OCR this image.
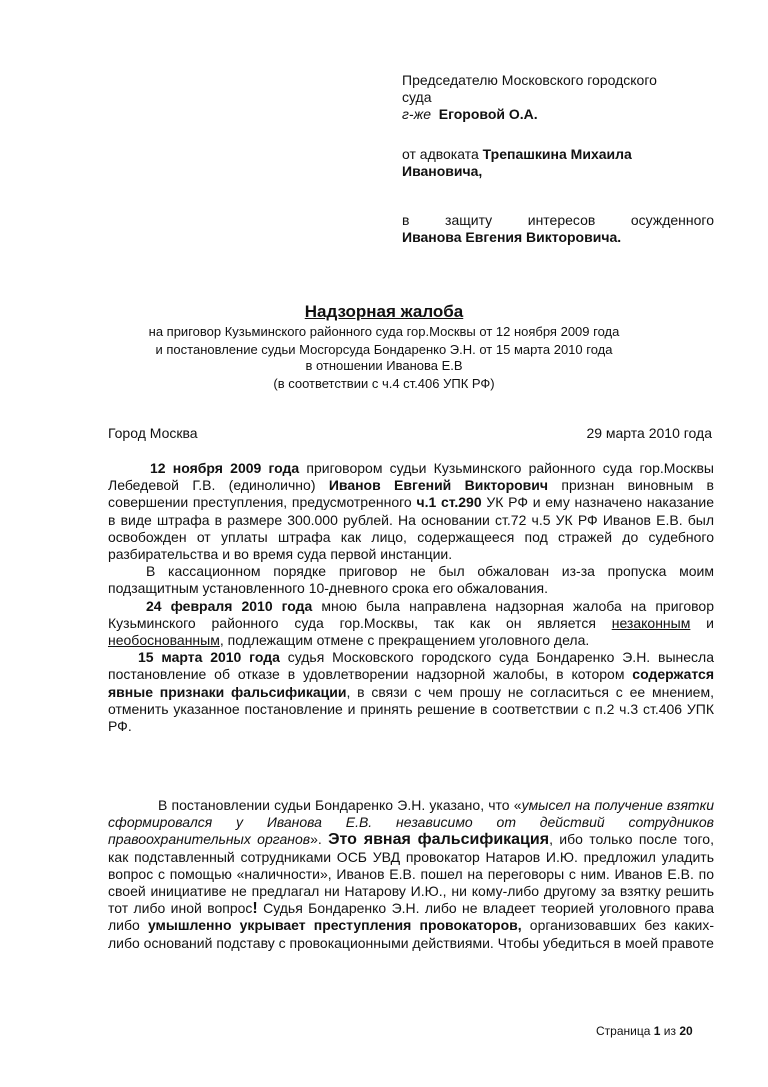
Председателю Московского городского
суда
г-же Егоровой О.А.
от адвоката Трепашкина Михаила
Ивановича,
в	защиту	интересов	осужденного
Иванова Евгения Викторовича.
Надзорная жалоба
на приговор Кузьминского районного суда гор.Москвы от 12 ноября 2009 года
и постановление судьи Мосгорсуда Бондаренко Э.Н. от 15 марта 2010 года
в отношении Иванова Е.В
(в соответствии с ч.4 ст.406 УПК РФ)
Город Москва	29 марта 2010 года

12 ноября 2009 года приговором судьи Кузьминского районного суда гор.Москвы Лебедевой Г.В. (единолично) Иванов Евгений Викторович признан виновным в совершении преступления, предусмотренного ч.1 ст.290 УК РФ и ему назначено наказание в виде штрафа в размере 300.000 рублей. На основании ст.72 ч.5 УК РФ Иванов Е.В. был освобожден от уплаты штрафа как лицо, содержащееся под стражей до судебного разбирательства и во время суда первой инстанции.

В кассационном порядке приговор не был обжалован из-за пропуска моим подзащитным установленного 10-дневного срока его обжалования.

24 февраля 2010 года мною была направлена надзорная жалоба на приговор Кузьминского районного суда гор.Москвы, так как он является незаконным и необоснованным, подлежащим отмене с прекращением уголовного дела.

15 марта 2010 года судья Московского городского суда Бондаренко Э.Н. вынесла постановление об отказе в удовлетворении надзорной жалобы, в котором содержатся явные признаки фальсификации, в связи с чем прошу не согласиться с ее мнением, отменить указанное постановление и принять решение в соответствии с п.2 ч.3 ст.406 УПК РФ.

В постановлении судьи Бондаренко Э.Н. указано, что «умысел на получение взятки сформировался у Иванова Е.В. независимо от действий сотрудников правоохранительных органов». Это явная фальсификация, ибо только после того, как подставленный сотрудниками ОСБ УВД провокатор Натаров И.Ю. предложил уладить вопрос с помощью «наличности», Иванов Е.В. пошел на переговоры с ним. Иванов Е.В. по своей инициативе не предлагал ни Натарову И.Ю., ни кому-либо другому за взятку решить тот либо иной вопрос! Судья Бондаренко Э.Н. либо не владеет теорией уголовного права либо умышленно укрывает преступления провокаторов, организовавших без каких-либо оснований подставу с провокационными действиями. Чтобы убедиться в моей правоте

Страница 1 из 20
